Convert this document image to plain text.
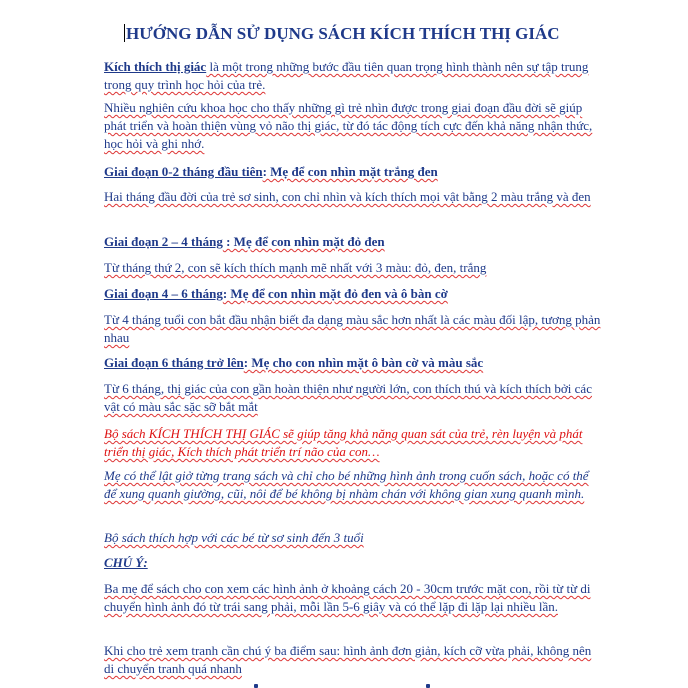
HƯỚNG DẪN SỬ DỤNG SÁCH KÍCH THÍCH THỊ GIÁC
Kích thích thị giác là một trong những bước đầu tiên quan trọng hình thành nên sự tập trung trong quy trình học hỏi của trẻ.
Nhiều nghiên cứu khoa học cho thấy những gì trẻ nhìn được trong giai đoạn đầu đời sẽ giúp phát triển và hoàn thiện vùng vỏ não thị giác, từ đó tác động tích cực đến khả năng nhận thức, học hỏi và ghi nhớ.
Giai đoạn 0-2 tháng đầu tiên: Mẹ để con nhìn mặt trắng đen
Hai tháng đầu đời của trẻ sơ sinh, con chỉ nhìn và kích thích mọi vật bằng 2 màu trắng và đen
Giai đoạn 2 – 4 tháng : Mẹ để con nhìn mặt đỏ đen
Từ tháng thứ 2, con sẽ kích thích mạnh mẽ nhất với 3 màu: đỏ, đen, trắng
Giai đoạn 4 – 6 tháng: Mẹ để con nhìn mặt đỏ đen và ô bàn cờ
Từ 4 tháng tuổi con bắt đầu nhận biết đa dạng màu sắc hơn nhất là các màu đối lập, tương phản nhau
Giai đoạn 6 tháng trở lên: Mẹ cho con nhìn mặt ô bàn cờ và màu sắc
Từ 6 tháng, thị giác của con gần hoàn thiện như người lớn, con thích thú và kích thích bởi các vật có màu sắc sặc sỡ bắt mắt
Bộ sách KÍCH THÍCH THỊ GIÁC sẽ giúp tăng khả năng quan sát của trẻ, rèn luyện và phát triển thị giác, Kích thích phát triển trí não của con…
Mẹ có thể lật giở từng trang sách và chỉ cho bé những hình ảnh trong cuốn sách, hoặc có thể để xung quanh giường, cũi, nôi để bé không bị nhàm chán với không gian xung quanh mình.
Bộ sách thích hợp với các bé từ sơ sinh đến 3 tuổi
CHÚ Ý:
Ba mẹ để sách cho con xem các hình ảnh ở khoảng cách 20 - 30cm trước mặt con, rồi từ từ di chuyển hình ảnh đó từ trái sang phải, mỗi lần 5-6 giây và có thể lặp đi lặp lại nhiều lần.
Khi cho trẻ xem tranh cần chú ý ba điểm sau: hình ảnh đơn giản, kích cỡ vừa phải, không nên di chuyển tranh quá nhanh
